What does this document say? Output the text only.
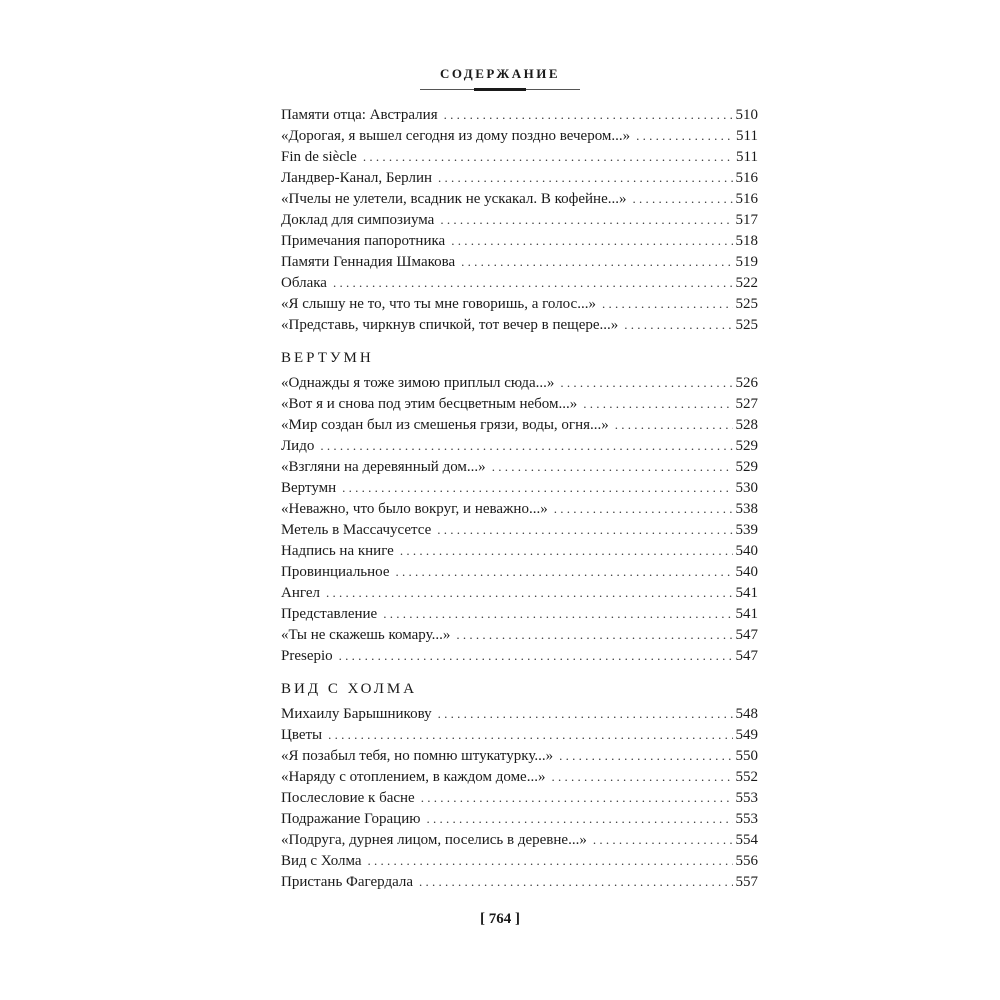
СОДЕРЖАНИЕ
Памяти отца: Австралия . . .	510
«Дорогая, я вышел сегодня из дому поздно вечером...» . . .	511
Fin de siècle . . .	511
Ландвер-Канал, Берлин . . .	516
«Пчелы не улетели, всадник не ускакал. В кофейне...» . . .	516
Доклад для симпозиума . . .	517
Примечания папоротника . . .	518
Памяти Геннадия Шмакова . . .	519
Облака . . .	522
«Я слышу не то, что ты мне говоришь, а голос...» . . .	525
«Представь, чиркнув спичкой, тот вечер в пещере...» . . .	525
ВЕРТУМН
«Однажды я тоже зимою приплыл сюда...» . . .	526
«Вот я и снова под этим бесцветным небом...» . . .	527
«Мир создан был из смешенья грязи, воды, огня...» . . .	528
Лидо . . .	529
«Взгляни на деревянный дом...» . . .	529
Вертумн . . .	530
«Неважно, что было вокруг, и неважно...» . . .	538
Метель в Массачусетсе . . .	539
Надпись на книге . . .	540
Провинциальное . . .	540
Ангел . . .	541
Представление . . .	541
«Ты не скажешь комару...» . . .	547
Presepio . . .	547
ВИД С ХОЛМА
Михаилу Барышникову . . .	548
Цветы . . .	549
«Я позабыл тебя, но помню штукатурку...» . . .	550
«Наряду с отоплением, в каждом доме...» . . .	552
Послесловие к басне . . .	553
Подражание Горацию . . .	553
«Подруга, дурнея лицом, поселись в деревне...» . . .	554
Вид с Холма . . .	556
Пристань Фагердала . . .	557
[ 764 ]
